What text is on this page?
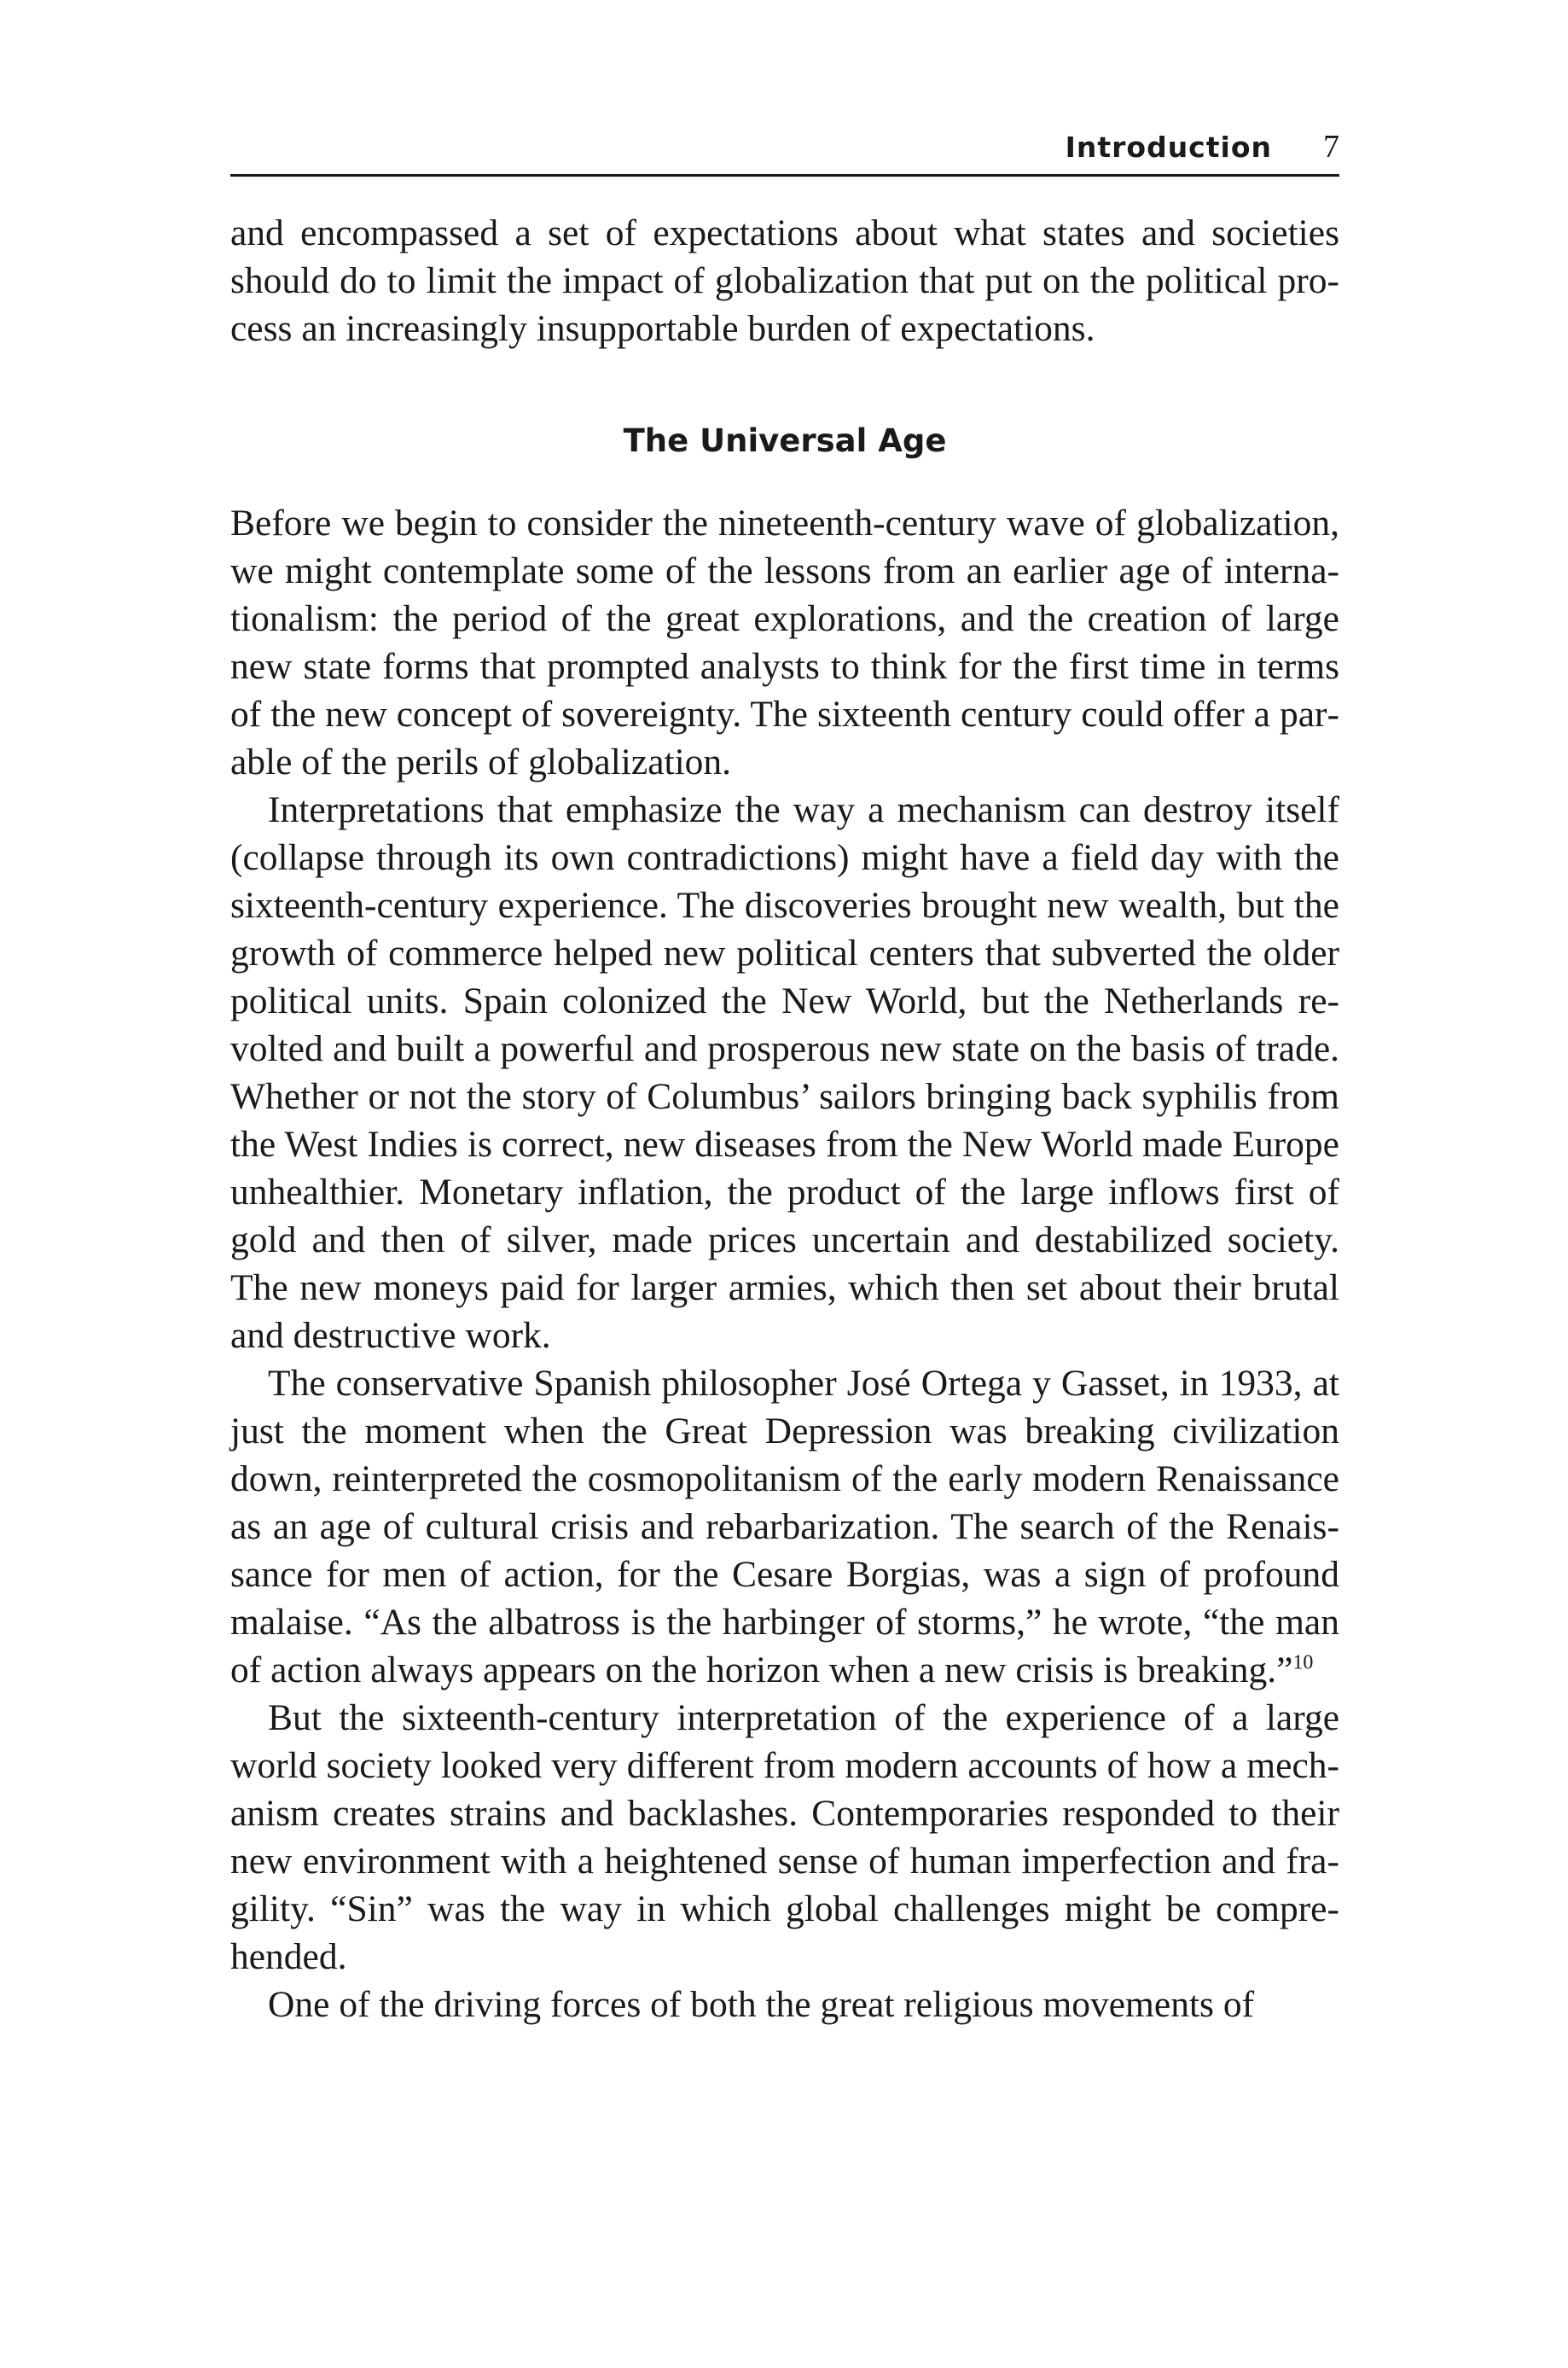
Introduction 7

and encompassed a set of expectations about what states and societies should do to limit the impact of globalization that put on the political process an increasingly insupportable burden of expectations.

The Universal Age

Before we begin to consider the nineteenth-century wave of globalization, we might contemplate some of the lessons from an earlier age of internationalism: the period of the great explorations, and the creation of large new state forms that prompted analysts to think for the first time in terms of the new concept of sovereignty. The sixteenth century could offer a parable of the perils of globalization.

Interpretations that emphasize the way a mechanism can destroy itself (collapse through its own contradictions) might have a field day with the sixteenth-century experience. The discoveries brought new wealth, but the growth of commerce helped new political centers that subverted the older political units. Spain colonized the New World, but the Netherlands revolted and built a powerful and prosperous new state on the basis of trade. Whether or not the story of Columbus’ sailors bringing back syphilis from the West Indies is correct, new diseases from the New World made Europe unhealthier. Monetary inflation, the product of the large inflows first of gold and then of silver, made prices uncertain and destabilized society. The new moneys paid for larger armies, which then set about their brutal and destructive work.

The conservative Spanish philosopher José Ortega y Gasset, in 1933, at just the moment when the Great Depression was breaking civilization down, reinterpreted the cosmopolitanism of the early modern Renaissance as an age of cultural crisis and rebarbarization. The search of the Renaissance for men of action, for the Cesare Borgias, was a sign of profound malaise. “As the albatross is the harbinger of storms,” he wrote, “the man of action always appears on the horizon when a new crisis is breaking.”$^{10}$

But the sixteenth-century interpretation of the experience of a large world society looked very different from modern accounts of how a mechanism creates strains and backlashes. Contemporaries responded to their new environment with a heightened sense of human imperfection and fragility. “Sin” was the way in which global challenges might be comprehended.

One of the driving forces of both the great religious movements of
